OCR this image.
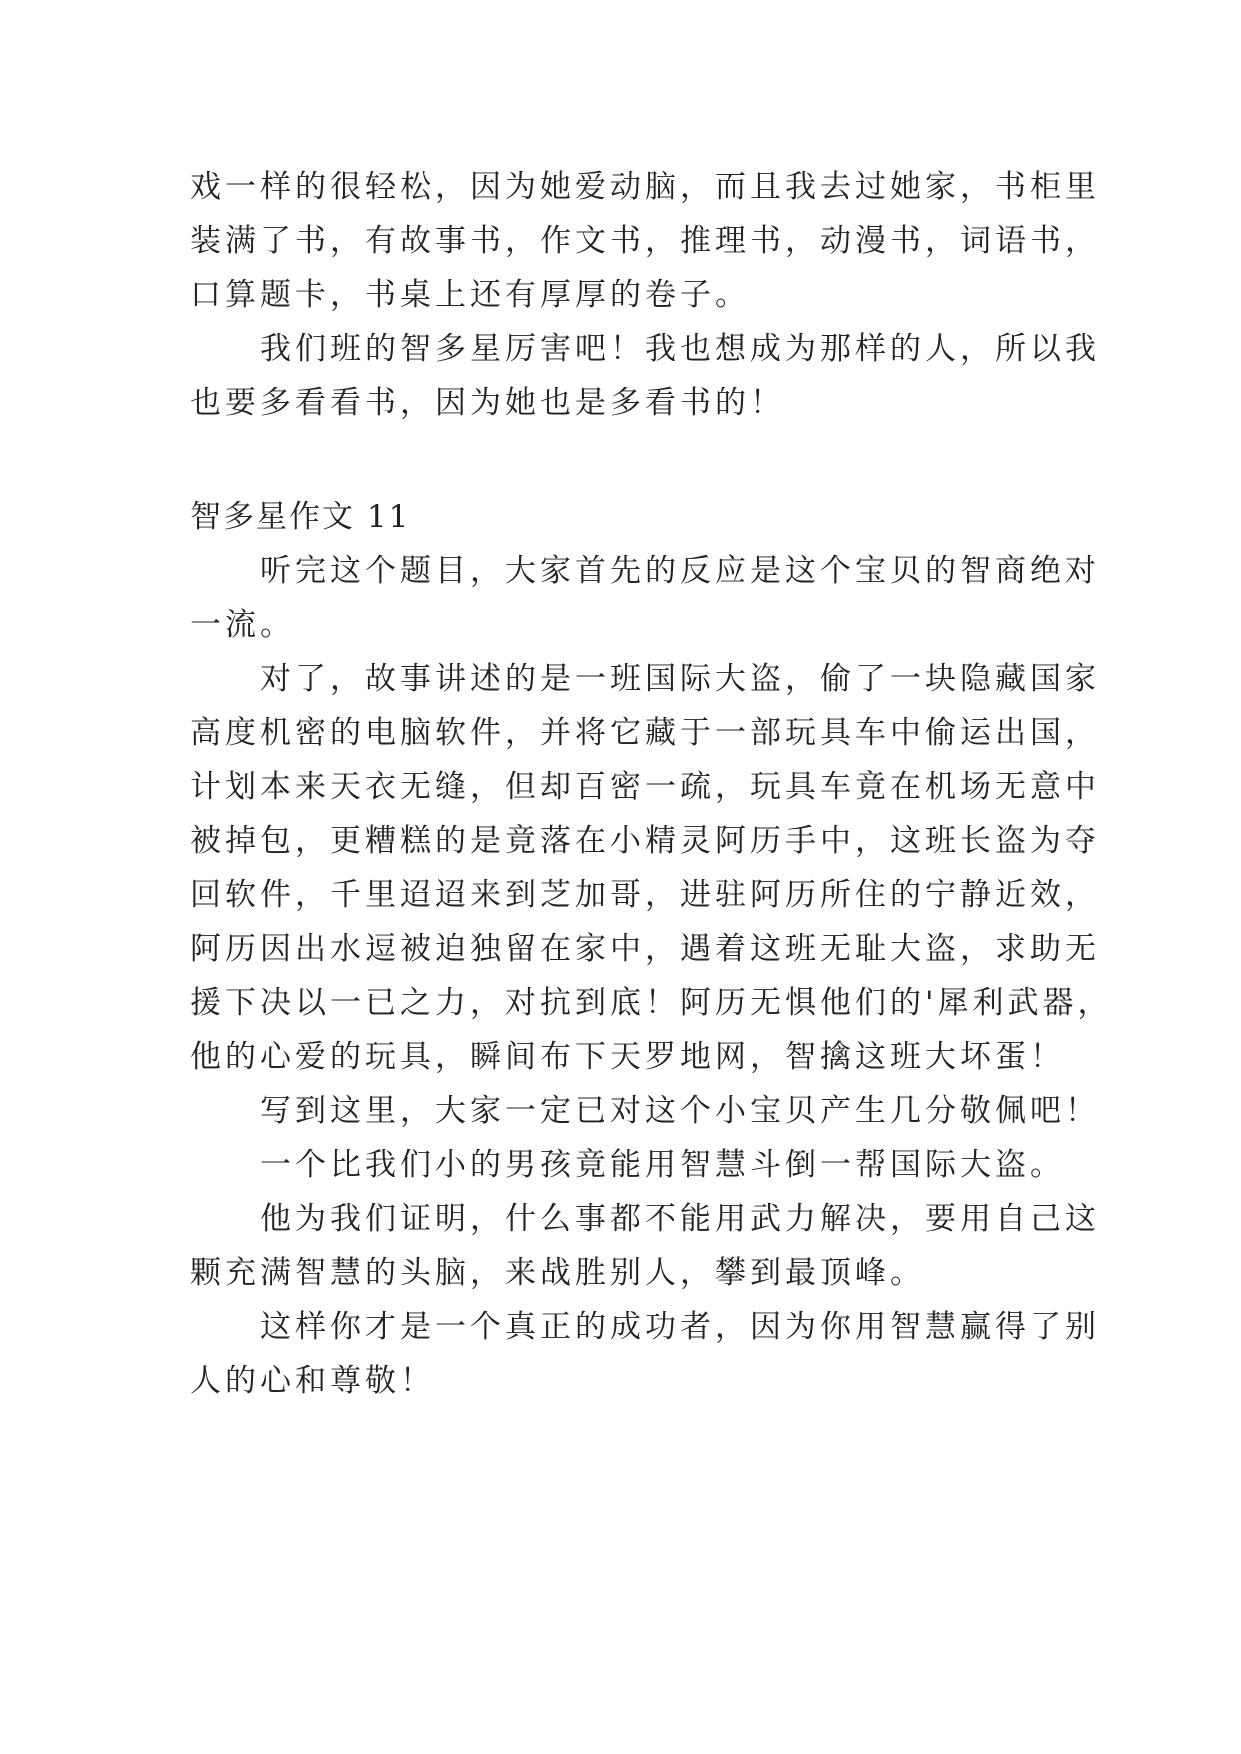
戏一样的很轻松，因为她爱动脑，而且我去过她家，书柜里
装满了书，有故事书，作文书，推理书，动漫书，词语书，
口算题卡，书桌上还有厚厚的卷子。
我们班的智多星厉害吧！我也想成为那样的人，所以我
也要多看看书，因为她也是多看书的！
智多星作文 11
听完这个题目，大家首先的反应是这个宝贝的智商绝对
一流。
对了，故事讲述的是一班国际大盗，偷了一块隐藏国家
高度机密的电脑软件，并将它藏于一部玩具车中偷运出国，
计划本来天衣无缝，但却百密一疏，玩具车竟在机场无意中
被掉包，更糟糕的是竟落在小精灵阿历手中，这班长盗为夺
回软件，千里迢迢来到芝加哥，进驻阿历所住的宁静近效，
阿历因出水逗被迫独留在家中，遇着这班无耻大盗，求助无
援下决以一已之力，对抗到底！阿历无惧他们的'犀利武器，
他的心爱的玩具，瞬间布下天罗地网，智擒这班大坏蛋！
写到这里，大家一定已对这个小宝贝产生几分敬佩吧！
一个比我们小的男孩竟能用智慧斗倒一帮国际大盗。
他为我们证明，什么事都不能用武力解决，要用自己这
颗充满智慧的头脑，来战胜别人，攀到最顶峰。
这样你才是一个真正的成功者，因为你用智慧赢得了别
人的心和尊敬！
